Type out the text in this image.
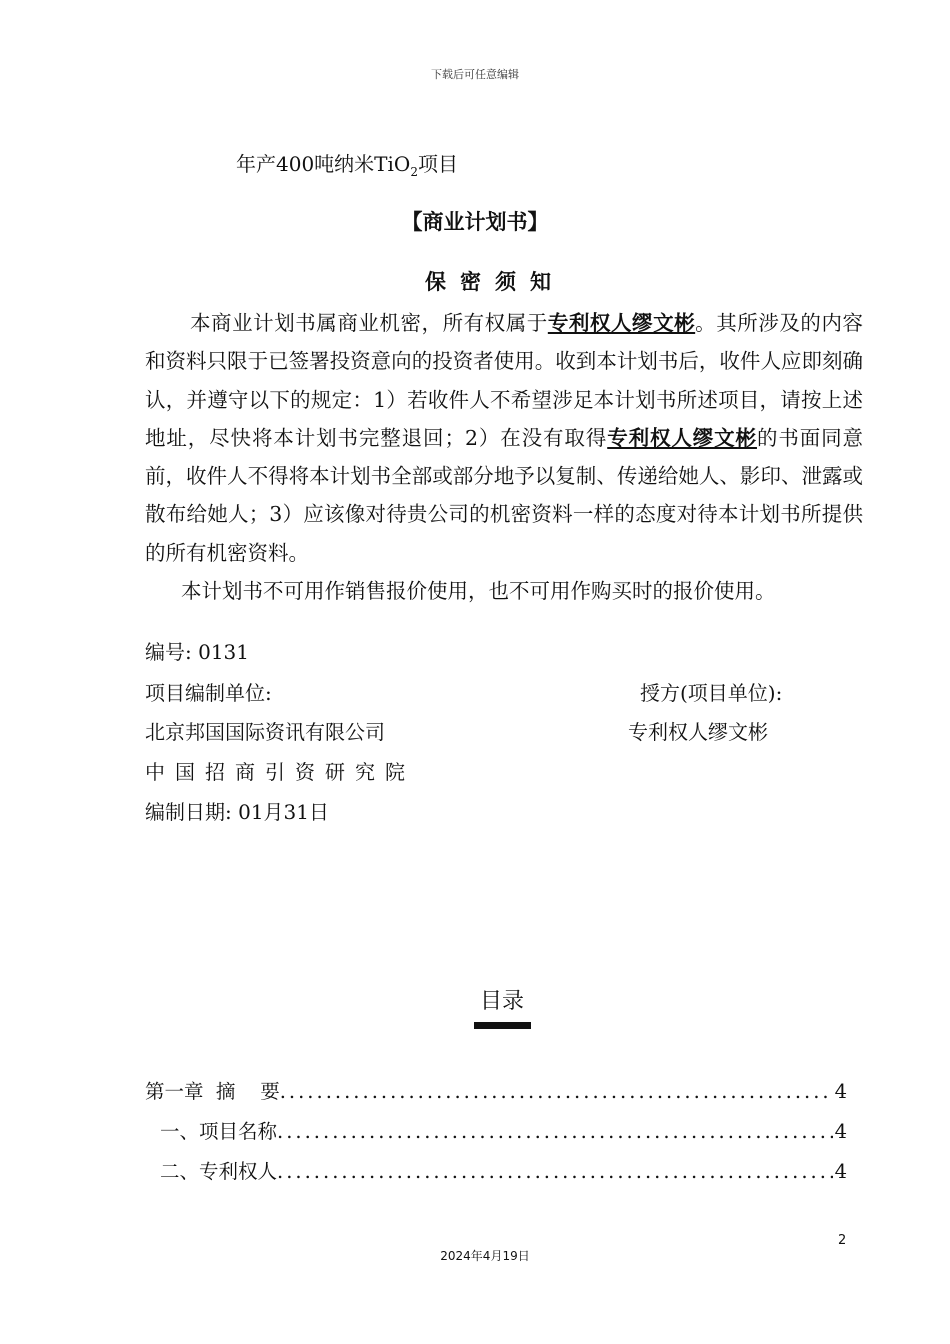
下载后可任意编辑
年产400吨纳米TiO$_2$项目
【商业计划书】
保密须知

本商业计划书属商业机密，所有权属于专利权人缪文彬。其所涉及的内容和资料只限于已签署投资意向的投资者使用。收到本计划书后，收件人应即刻确认，并遵守以下的规定：1）若收件人不希望涉足本计划书所述项目，请按上述地址，尽快将本计划书完整退回；2）在没有取得专利权人缪文彬的书面同意前，收件人不得将本计划书全部或部分地予以复制、传递给她人、影印、泄露或散布给她人；3）应该像对待贵公司的机密资料一样的态度对待本计划书所提供的所有机密资料。

本计划书不可用作销售报价使用，也不可用作购买时的报价使用。

编号: 0131
项目编制单位:	授方(项目单位):
北京邦国国际资讯有限公司	专利权人缪文彬
中国招商引资研究院
编制日期: 01月31日
目录
第一章  摘    要 .....	4
一、项目名称 .....	4
二、专利权人 .....	4
2
2024年4月19日
